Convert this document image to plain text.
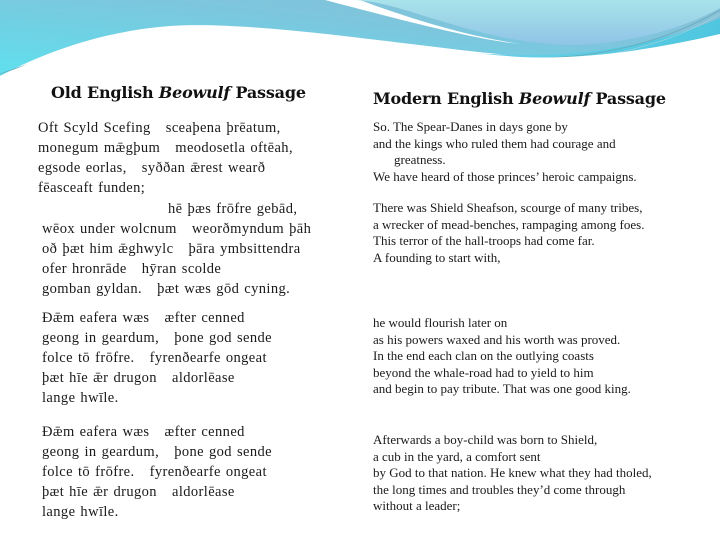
Old English Beowulf Passage
Oft Scyld Scefing   sceaþena þrēatum,
monegum mǣgþum   meodosetla oftēah,
egsode eorlas,   syððan ǣrest wearð
fēasceaft funden;
hē þæs frōfre gebād,
wēox under wolcnum   weorðmyndum þāh
oð þæt him ǣghwylc   þāra ymbsittendra
ofer hronrāde   hȳran scolde
gomban gyldan.   þæt wæs gōd cyning.
Ðǣm eafera wæs   æfter cenned
geong in geardum,   þone god sende
folce tō frōfre.   fyrenðearfe ongeat
þæt hīe ǣr drugon   aldorlēase
lange hwīle.
Ðǣm eafera wæs   æfter cenned
geong in geardum,   þone god sende
folce tō frōfre.   fyrenðearfe ongeat
þæt hīe ǣr drugon   aldorlēase
lange hwīle.
Modern English Beowulf Passage
So. The Spear-Danes in days gone by
and the kings who ruled them had courage and greatness.
We have heard of those princes’ heroic campaigns.
There was Shield Sheafson, scourge of many tribes,
a wrecker of mead-benches, rampaging among foes.
This terror of the hall-troops had come far.
A founding to start with,
he would flourish later on
as his powers waxed and his worth was proved.
In the end each clan on the outlying coasts
beyond the whale-road had to yield to him
and begin to pay tribute. That was one good king.
Afterwards a boy-child was born to Shield,
a cub in the yard, a comfort sent
by God to that nation. He knew what they had tholed,
the long times and troubles they’d come through
without a leader;
